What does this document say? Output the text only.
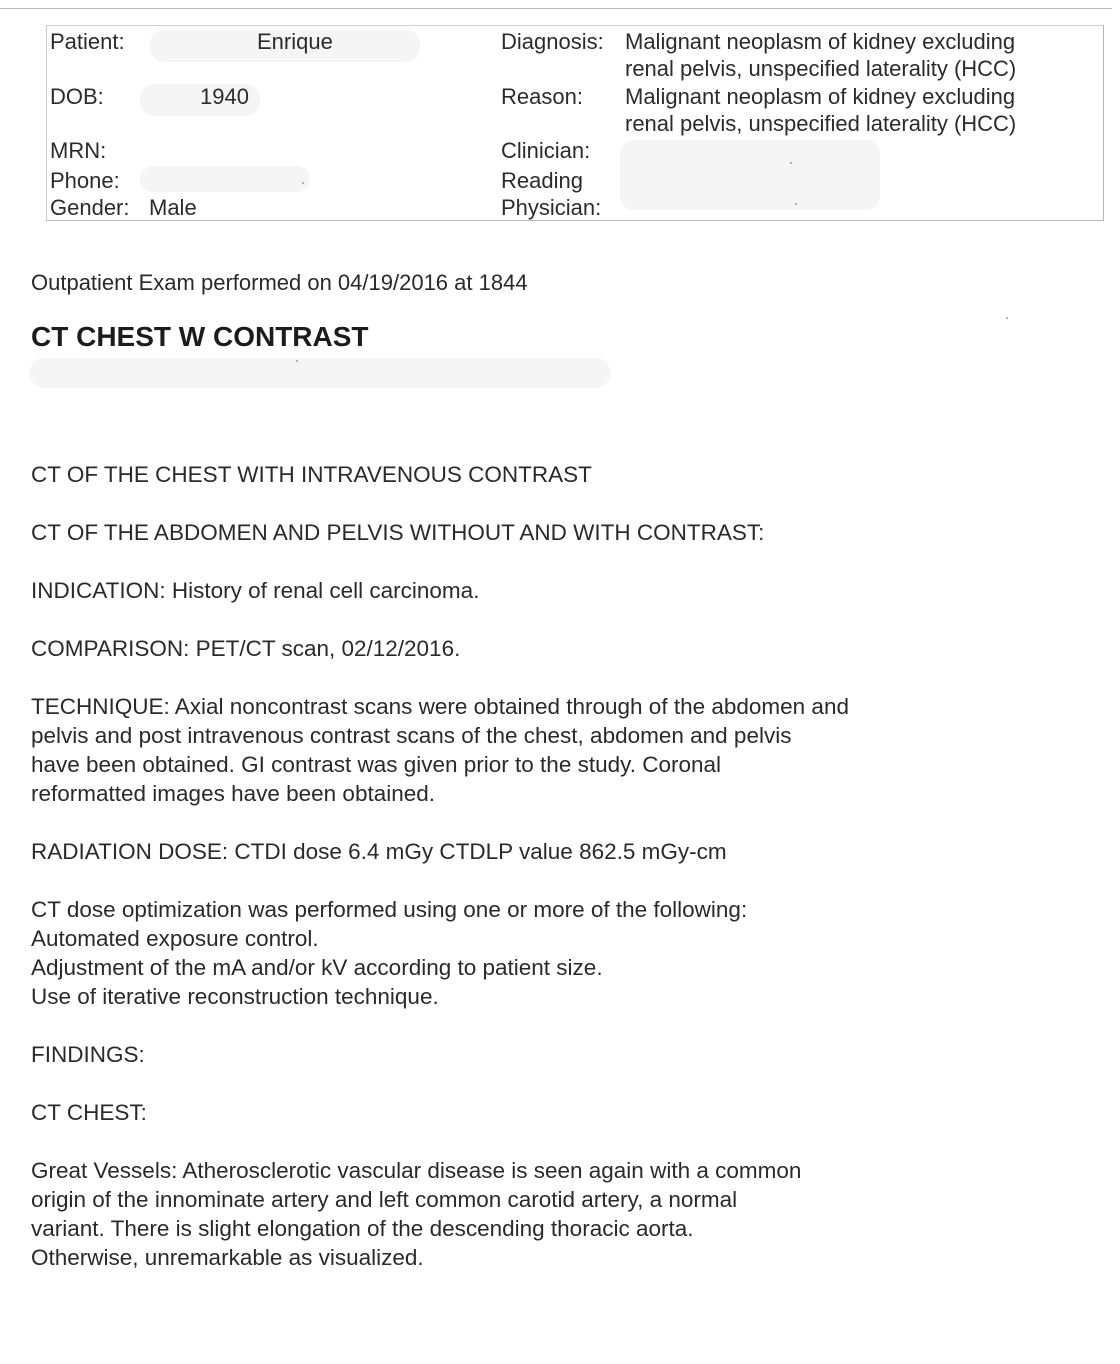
Patient:	Enrique
DOB:	1940
MRN:
Phone:
Gender: Male
Diagnosis: Malignant neoplasm of kidney excluding
renal pelvis, unspecified laterality (HCC)
Reason: Malignant neoplasm of kidney excluding
renal pelvis, unspecified laterality (HCC)
Clinician:
Reading
Physician:
Outpatient Exam performed on 04/19/2016 at 1844
CT CHEST W CONTRAST

CT OF THE CHEST WITH INTRAVENOUS CONTRAST

CT OF THE ABDOMEN AND PELVIS WITHOUT AND WITH CONTRAST:

INDICATION: History of renal cell carcinoma.

COMPARISON: PET/CT scan, 02/12/2016.

TECHNIQUE: Axial noncontrast scans were obtained through of the abdomen and
pelvis and post intravenous contrast scans of the chest, abdomen and pelvis
have been obtained. GI contrast was given prior to the study. Coronal
reformatted images have been obtained.

RADIATION DOSE: CTDI dose 6.4 mGy CTDLP value 862.5 mGy-cm

CT dose optimization was performed using one or more of the following:
Automated exposure control.
Adjustment of the mA and/or kV according to patient size.
Use of iterative reconstruction technique.

FINDINGS:

CT CHEST:

Great Vessels: Atherosclerotic vascular disease is seen again with a common
origin of the innominate artery and left common carotid artery, a normal
variant. There is slight elongation of the descending thoracic aorta.
Otherwise, unremarkable as visualized.
